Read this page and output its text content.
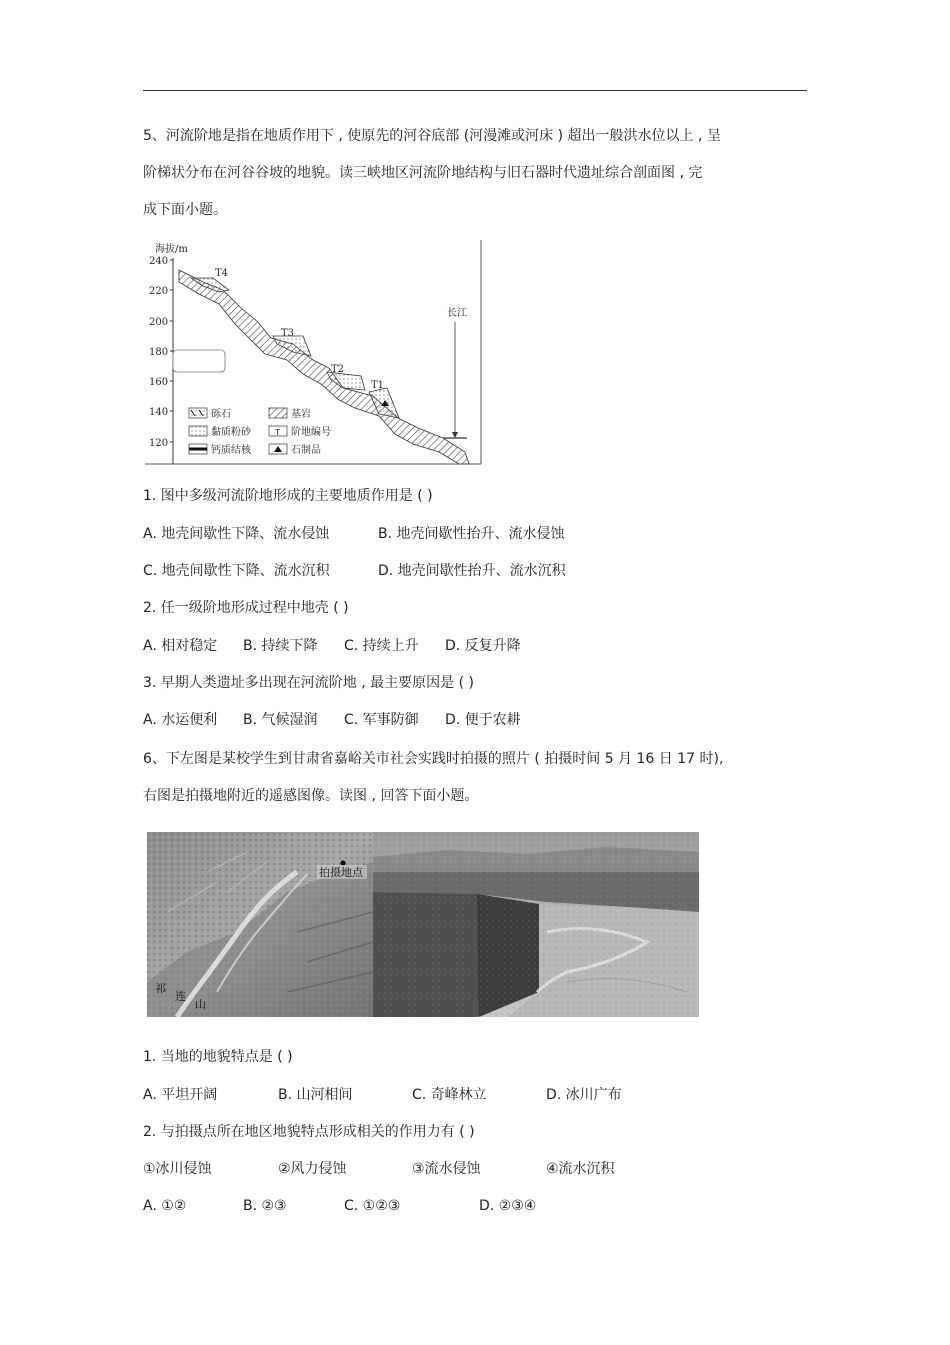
5、河流阶地是指在地质作用下 , 使原先的河谷底部 (河漫滩或河床 ) 超出一般洪水位以上 , 呈
阶梯状分布在河谷谷坡的地貌。读三峡地区河流阶地结构与旧石器时代遗址综合剖面图 , 完
成下面小题。
海拔/m
240
220
200
180
160
140
120
T4
T3
T2
T1
长江
砾石	基岩
黏质粉砂	T 阶地编号
钙质结核	石制品
1. 图中多级河流阶地形成的主要地质作用是 ( )
A. 地壳间歇性下降、流水侵蚀	B. 地壳间歇性抬升、流水侵蚀
C. 地壳间歇性下降、流水沉积	D. 地壳间歇性抬升、流水沉积
2. 任一级阶地形成过程中地壳 ( )
A. 相对稳定 B. 持续下降 C. 持续上升 D. 反复升降
3. 早期人类遗址多出现在河流阶地 , 最主要原因是 ( )
A. 水运便利 B. 气候湿润 C. 军事防御 D. 便于农耕
6、下左图是某校学生到甘肃省嘉峪关市社会实践时拍摄的照片 ( 拍摄时间 5 月 16 日 17 时),
右图是拍摄地附近的遥感图像。读图 , 回答下面小题。
拍摄地点
祁
连
山
1. 当地的地貌特点是 ( )
A. 平坦开阔	B. 山河相间	C. 奇峰林立	D. 冰川广布
2. 与拍摄点所在地区地貌特点形成相关的作用力有 ( )
①冰川侵蚀	②风力侵蚀	③流水侵蚀	④流水沉积
A. ①②	B. ②③	C. ①②③	D. ②③④
